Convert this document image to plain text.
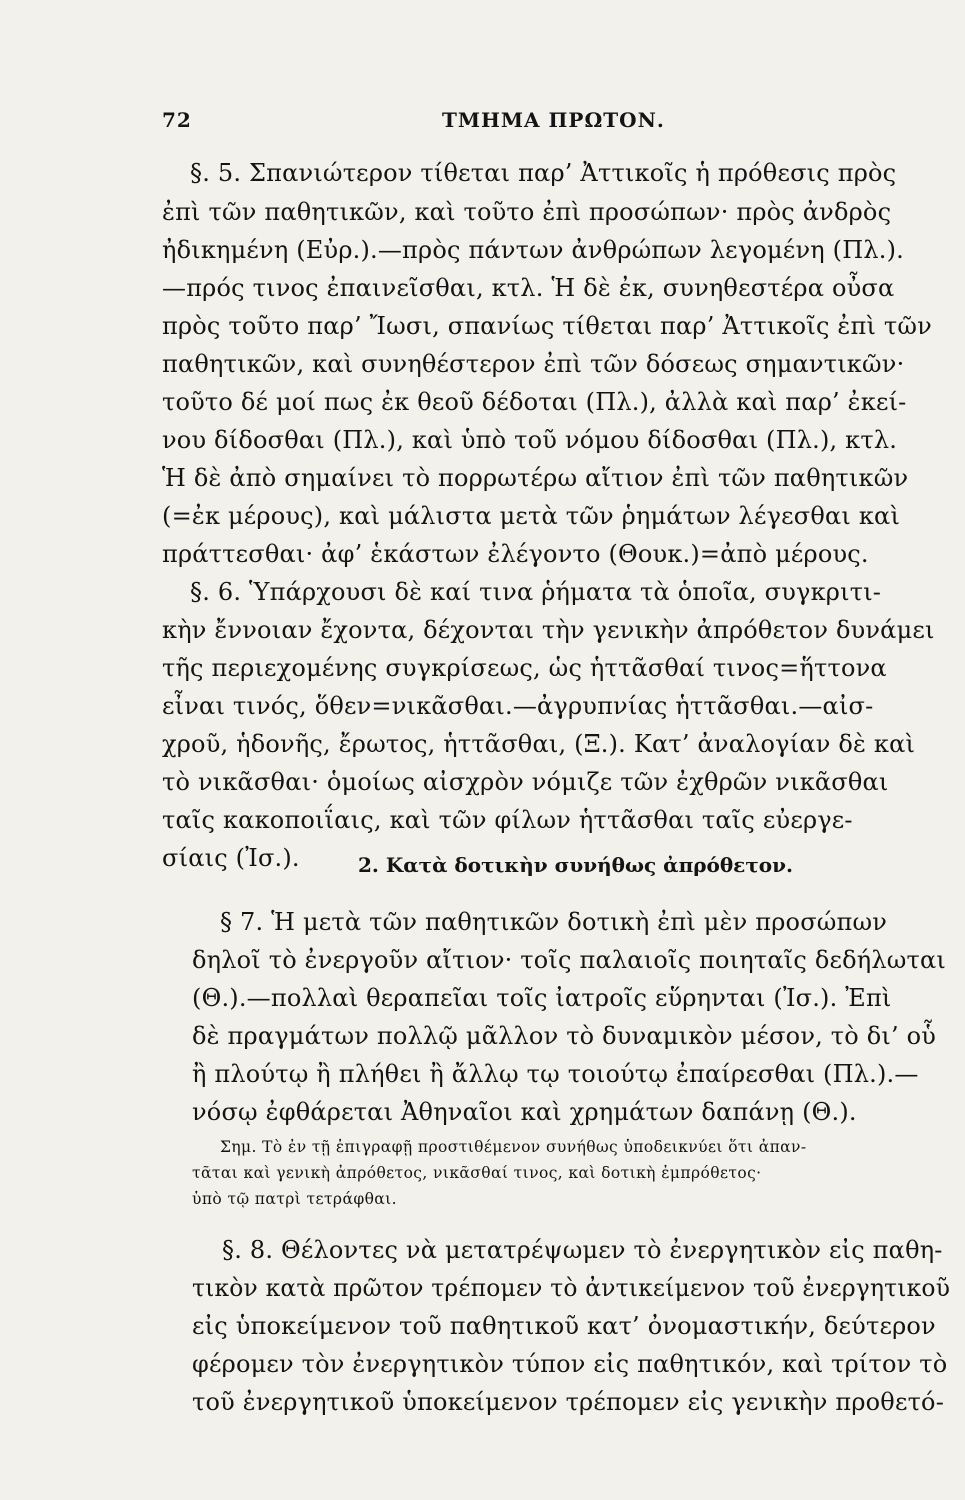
72	ΤΜΗΜΑ ΠΡΩΤΟΝ.
§. 5. Σπανιώτερον τίθεται παρ’ Ἀττικοῖς ἡ πρόθεσις πρὸς
ἐπὶ τῶν παθητικῶν, καὶ τοῦτο ἐπὶ προσώπων· πρὸς ἀνδρὸς
ἠδικημένη (Εὐρ.).—πρὸς πάντων ἀνθρώπων λεγομένη (Πλ.).
—πρός τινος ἐπαινεῖσθαι, κτλ. Ἡ δὲ ἐκ, συνηθεστέρα οὖσα
πρὸς τοῦτο παρ’ Ἴωσι, σπανίως τίθεται παρ’ Ἀττικοῖς ἐπὶ τῶν
παθητικῶν, καὶ συνηθέστερον ἐπὶ τῶν δόσεως σημαντικῶν·
τοῦτο δέ μοί πως ἐκ θεοῦ δέδοται (Πλ.), ἀλλὰ καὶ παρ’ ἐκεί-
νου δίδοσθαι (Πλ.), καὶ ὑπὸ τοῦ νόμου δίδοσθαι (Πλ.), κτλ.
Ἡ δὲ ἀπὸ σημαίνει τὸ πορρωτέρω αἴτιον ἐπὶ τῶν παθητικῶν
(=ἐκ μέρους), καὶ μάλιστα μετὰ τῶν ῥημάτων λέγεσθαι καὶ
πράττεσθαι· ἀφ’ ἑκάστων ἐλέγοντο (Θουκ.)=ἀπὸ μέρους.
§. 6. Ὑπάρχουσι δὲ καί τινα ῥήματα τὰ ὁποῖα, συγκριτι-
κὴν ἔννοιαν ἔχοντα, δέχονται τὴν γενικὴν ἀπρόθετον δυνάμει
τῆς περιεχομένης συγκρίσεως, ὡς ἡττᾶσθαί τινος=ἥττονα
εἶναι τινός, ὅθεν=νικᾶσθαι.—ἀγρυπνίας ἡττᾶσθαι.—αἰσ-
χροῦ, ἡδονῆς, ἔρωτος, ἡττᾶσθαι, (Ξ.). Κατ’ ἀναλογίαν δὲ καὶ
τὸ νικᾶσθαι· ὁμοίως αἰσχρὸν νόμιζε τῶν ἐχθρῶν νικᾶσθαι
ταῖς κακοποιΐαις, καὶ τῶν φίλων ἡττᾶσθαι ταῖς εὐεργε-
σίαις (Ἰσ.).	2. Κατὰ δοτικὴν συνήθως ἀπρόθετον.
§ 7. Ἡ μετὰ τῶν παθητικῶν δοτικὴ ἐπὶ μὲν προσώπων
δηλοῖ τὸ ἐνεργοῦν αἴτιον· τοῖς παλαιοῖς ποιηταῖς δεδήλωται
(Θ.).—πολλαὶ θεραπεῖαι τοῖς ἰατροῖς εὕρηνται (Ἰσ.). Ἐπὶ
δὲ πραγμάτων πολλῷ μᾶλλον τὸ δυναμικὸν μέσον, τὸ δι’ οὗ
ἢ πλούτῳ ἢ πλήθει ἢ ἄλλῳ τῳ τοιούτῳ ἐπαίρεσθαι (Πλ.).—
νόσῳ ἐφθάρεται Ἀθηναῖοι καὶ χρημάτων δαπάνῃ (Θ.).
Σημ. Τὸ ἐν τῇ ἐπιγραφῇ προστιθέμενον συνήθως ὑποδεικνύει ὅτι ἀπαν-
τᾶται καὶ γενικὴ ἀπρόθετος, νικᾶσθαί τινος, καὶ δοτικὴ ἐμπρόθετος·
ὑπὸ τῷ πατρὶ τετράφθαι.
§. 8. Θέλοντες νὰ μετατρέψωμεν τὸ ἐνεργητικὸν εἰς παθη-
τικὸν κατὰ πρῶτον τρέπομεν τὸ ἀντικείμενον τοῦ ἐνεργητικοῦ
εἰς ὑποκείμενον τοῦ παθητικοῦ κατ’ ὀνομαστικήν, δεύτερον
φέρομεν τὸν ἐνεργητικὸν τύπον εἰς παθητικόν, καὶ τρίτον τὸ
τοῦ ἐνεργητικοῦ ὑποκείμενον τρέπομεν εἰς γενικὴν προθετό-
